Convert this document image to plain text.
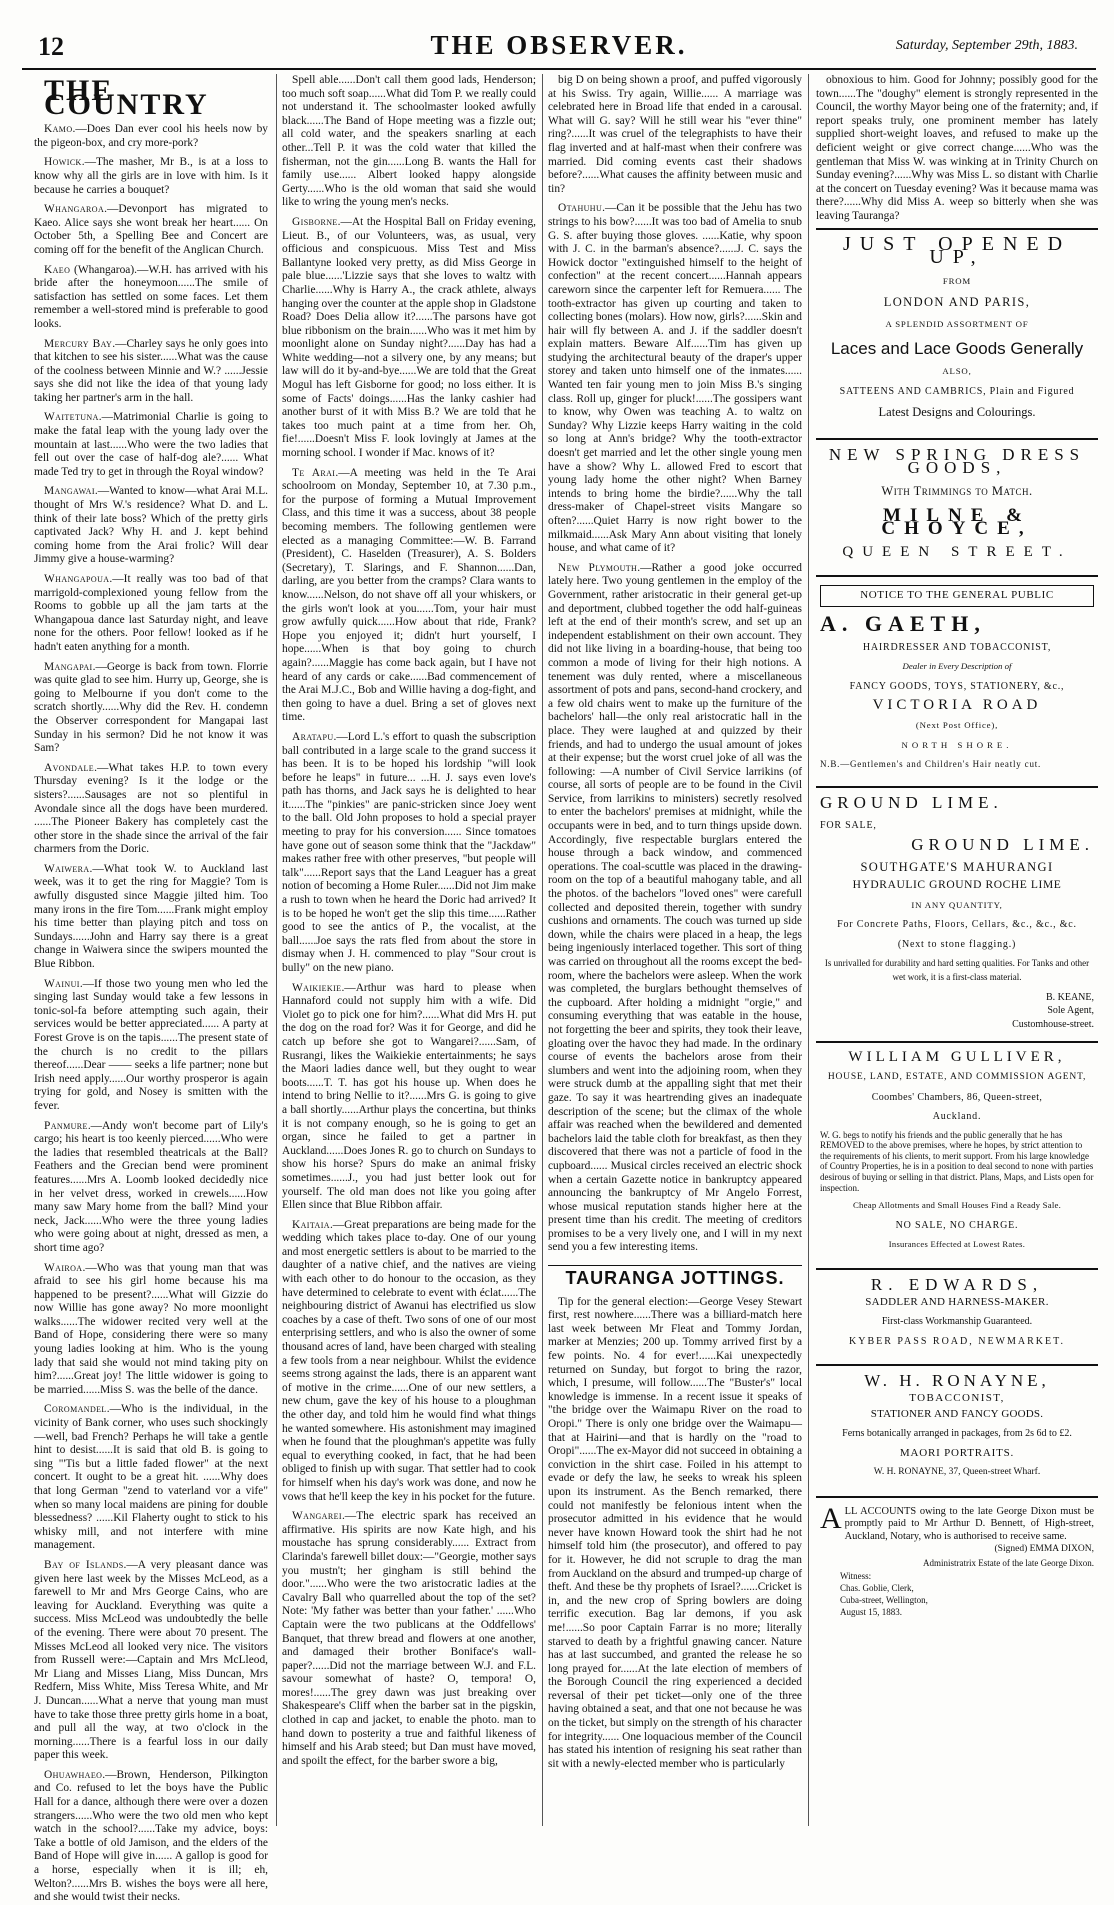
12	THE OBSERVER.	Saturday, September 29th, 1883.
THE COUNTRY
Kamo.—Does Dan ever cool his heels now by the pigeon-box, and cry more-pork?
Howick.—The masher, Mr B., is at a loss to know why all the girls are in love with him. Is it because he carries a bouquet?
Whangaroa.—Devonport has migrated to Kaeo. Alice says she wont break her heart...... On October 5th, a Spelling Bee and Concert are coming off for the benefit of the Anglican Church.
Kaeo (Whangaroa).—W.H. has arrived with his bride after the honeymoon......The smile of satisfaction has settled on some faces. Let them remember a well-stored mind is preferable to good looks.
Mercury Bay.—Charley says he only goes into that kitchen to see his sister......What was the cause of the coolness between Minnie and W.? ......Jessie says she did not like the idea of that young lady taking her partner's arm in the hall.
Waitetuna.—Matrimonial Charlie is going to make the fatal leap with the young lady over the mountain at last......Who were the two ladies that fell out over the case of half-dog ale?...... What made Ted try to get in through the Royal window?
Mangawai.—Wanted to know—what Arai M.L. thought of Mrs W.'s residence? What D. and L. think of their late boss? Which of the pretty girls captivated Jack? Why H. and J. kept behind coming home from the Arai frolic? Will dear Jimmy give a house-warming?
Whangapoua.—It really was too bad of that marrigold-complexioned young fellow from the Rooms to gobble up all the jam tarts at the Whangapoua dance last Saturday night, and leave none for the others. Poor fellow! looked as if he hadn't eaten anything for a month.
Mangapai.—George is back from town. Florrie was quite glad to see him. Hurry up, George, she is going to Melbourne if you don't come to the scratch shortly......Why did the Rev. H. condemn the Observer correspondent for Mangapai last Sunday in his sermon? Did he not know it was Sam?
Avondale.—What takes H.P. to town every Thursday evening? Is it the lodge or the sisters?......Sausages are not so plentiful in Avondale since all the dogs have been murdered. ......The Pioneer Bakery has completely cast the other store in the shade since the arrival of the fair charmers from the Doric.
Waiwera.—What took W. to Auckland last week, was it to get the ring for Maggie? Tom is awfully disgusted since Maggie jilted him. Too many irons in the fire Tom......Frank might employ his time better than playing pitch and toss on Sundays......John and Harry say there is a great change in Waiwera since the swipers mounted the Blue Ribbon.
Wainui.—If those two young men who led the singing last Sunday would take a few lessons in tonic-sol-fa before attempting such again, their services would be better appreciated...... A party at Forest Grove is on the tapis......The present state of the church is no credit to the pillars thereof......Dear —— seeks a life partner; none but Irish need apply......Our worthy prosperor is again trying for gold, and Nosey is smitten with the fever.
Panmure.—Andy won't become part of Lily's cargo; his heart is too keenly pierced......Who were the ladies that resembled theatricals at the Ball? Feathers and the Grecian bend were prominent features......Mrs A. Loomb looked decidedly nice in her velvet dress, worked in crewels......How many saw Mary home from the ball? Mind your neck, Jack......Who were the three young ladies who were going about at night, dressed as men, a short time ago?
Wairoa.—Who was that young man that was afraid to see his girl home because his ma happened to be present?......What will Gizzie do now Willie has gone away? No more moonlight walks......The widower recited very well at the Band of Hope, considering there were so many young ladies looking at him. Who is the young lady that said she would not mind taking pity on him?......Great joy! The little widower is going to be married......Miss S. was the belle of the dance.
Coromandel.—Who is the individual, in the vicinity of Bank corner, who uses such shockingly—well, bad French? Perhaps he will take a gentle hint to desist......It is said that old B. is going to sing "'Tis but a little faded flower" at the next concert. It ought to be a great hit. ......Why does that long German "zend to vaterland vor a vife" when so many local maidens are pining for double blessedness? ......Kil Flaherty ought to stick to his whisky mill, and not interfere with mine management.
Bay of Islands.—A very pleasant dance was given here last week by the Misses McLeod, as a farewell to Mr and Mrs George Cains, who are leaving for Auckland. Everything was quite a success. Miss McLeod was undoubtedly the belle of the evening. There were about 70 present. The Misses McLeod all looked very nice. The visitors from Russell were:—Captain and Mrs McLleod, Mr Liang and Misses Liang, Miss Duncan, Mrs Redfern, Miss White, Miss Teresa White, and Mr J. Duncan......What a nerve that young man must have to take those three pretty girls home in a boat, and pull all the way, at two o'clock in the morning......There is a fearful loss in our daily paper this week.
Ohuawhaeo.—Brown, Henderson, Pilkington and Co. refused to let the boys have the Public Hall for a dance, although there were over a dozen strangers......Who were the two old men who kept watch in the school?......Take my advice, boys: Take a bottle of old Jamison, and the elders of the Band of Hope will give in...... A gallop is good for a horse, especially when it is ill; eh, Welton?......Mrs B. wishes the boys were all here, and she would twist their necks.
Spell able......Don't call them good lads, Henderson; too much soft soap......What did Tom P. we really could not understand it. The schoolmaster looked awfully black......The Band of Hope meeting was a fizzle out; all cold water, and the speakers snarling at each other...Tell P. it was the cold water that killed the fisherman, not the gin......Long B. wants the Hall for family use...... Albert looked happy alongside Gerty......Who is the old woman that said she would like to wring the young men's necks.
Gisborne.—At the Hospital Ball on Friday evening, Lieut. B., of our Volunteers, was, as usual, very officious and conspicuous. Miss Test and Miss Ballantyne looked very pretty, as did Miss George in pale blue......'Lizzie says that she loves to waltz with Charlie......Why is Harry A., the crack athlete, always hanging over the counter at the apple shop in Gladstone Road? Does Delia allow it?......The parsons have got blue ribbonism on the brain......Who was it met him by moonlight alone on Sunday night?......Day has had a White wedding—not a silvery one, by any means; but law will do it by-and-bye......We are told that the Great Mogul has left Gisborne for good; no loss either. It is some of Facts' doings......Has the lanky cashier had another burst of it with Miss B.? We are told that he takes too much paint at a time from her. Oh, fie!......Doesn't Miss F. look lovingly at James at the morning school. I wonder if Mac. knows of it?
Te Arai.—A meeting was held in the Te Arai schoolroom on Monday, September 10, at 7.30 p.m., for the purpose of forming a Mutual Improvement Class, and this time it was a success, about 38 people becoming members. The following gentlemen were elected as a managing Committee:—W. B. Farrand (President), C. Haselden (Treasurer), A. S. Bolders (Secretary), T. Slarings, and F. Shannon......Dan, darling, are you better from the cramps? Clara wants to know......Nelson, do not shave off all your whiskers, or the girls won't look at you......Tom, your hair must grow awfully quick......How about that ride, Frank? Hope you enjoyed it; didn't hurt yourself, I hope......When is that boy going to church again?......Maggie has come back again, but I have not heard of any cards or cake......Bad commencement of the Arai M.J.C., Bob and Willie having a dog-fight, and then going to have a duel. Bring a set of gloves next time.
Aratapu.—Lord L.'s effort to quash the subscription ball contributed in a large scale to the grand success it has been. It is to be hoped his lordship "will look before he leaps" in future... ...H. J. says even love's path has thorns, and Jack says he is delighted to hear it......The "pinkies" are panic-stricken since Joey went to the ball. Old John proposes to hold a special prayer meeting to pray for his conversion...... Since tomatoes have gone out of season some think that the "Jackdaw" makes rather free with other preserves, "but people will talk"......Report says that the Land Leaguer has a great notion of becoming a Home Ruler......Did not Jim make a rush to town when he heard the Doric had arrived? It is to be hoped he won't get the slip this time......Rather good to see the antics of P., the vocalist, at the ball......Joe says the rats fled from about the store in dismay when J. H. commenced to play "Sour crout is bully" on the new piano.
Waikiekie.—Arthur was hard to please when Hannaford could not supply him with a wife. Did Violet go to pick one for him?......What did Mrs H. put the dog on the road for? Was it for George, and did he catch up before she got to Wangarei?......Sam, of Rusrangi, likes the Waikiekie entertainments; he says the Maori ladies dance well, but they ought to wear boots......T. T. has got his house up. When does he intend to bring Nellie to it?......Mrs G. is going to give a ball shortly......Arthur plays the concertina, but thinks it is not company enough, so he is going to get an organ, since he failed to get a partner in Auckland......Does Jones R. go to church on Sundays to show his horse? Spurs do make an animal frisky sometimes......J., you had just better look out for yourself. The old man does not like you going after Ellen since that Blue Ribbon affair.
Kaitaia.—Great preparations are being made for the wedding which takes place to-day. One of our young and most energetic settlers is about to be married to the daughter of a native chief, and the natives are vieing with each other to do honour to the occasion, as they have determined to celebrate to event with éclat......The neighbouring district of Awanui has electrified us slow coaches by a case of theft. Two sons of one of our most enterprising settlers, and who is also the owner of some thousand acres of land, have been charged with stealing a few tools from a near neighbour. Whilst the evidence seems strong against the lads, there is an apparent want of motive in the crime......One of our new settlers, a new chum, gave the key of his house to a ploughman the other day, and told him he would find what things he wanted somewhere. His astonishment may imagined when he found that the ploughman's appetite was fully equal to everything cooked, in fact, that he had been obliged to finish up with sugar. That settler had to cook for himself when his day's work was done, and now he vows that he'll keep the key in his pocket for the future.
Wangarei.—The electric spark has received an affirmative. His spirits are now Kate high, and his moustache has sprung considerably...... Extract from Clarinda's farewell billet doux:—"Georgie, mother says you mustn't; her gingham is still behind the door."......Who were the two aristocratic ladies at the Cavalry Ball who quarrelled about the top of the set? Note: 'My father was better than your father.' ......Who Captain were the two publicans at the Oddfellows' Banquet, that threw bread and flowers at one another, and damaged their brother Boniface's wall-paper?......Did not the marriage between W.J. and F.L. savour somewhat of haste? O, tempora! O, mores!......The grey dawn was just breaking over Shakespeare's Cliff when the barber sat in the pigskin, clothed in cap and jacket, to enable the photo. man to hand down to posterity a true and faithful likeness of himself and his Arab steed; but Dan must have moved, and spoilt the effect, for the barber swore a big,
big D on being shown a proof, and puffed vigorously at his Swiss. Try again, Willie...... A marriage was celebrated here in Broad life that ended in a carousal. What will G. say? Will he still wear his "ever thine" ring?......It was cruel of the telegraphists to have their flag inverted and at half-mast when their confrere was married. Did coming events cast their shadows before?......What causes the affinity between music and tin?
Otahuhu.—Can it be possible that the Jehu has two strings to his bow?......It was too bad of Amelia to snub G. S. after buying those gloves. ......Katie, why spoon with J. C. in the barman's absence?......J. C. says the Howick doctor "extinguished himself to the height of confection" at the recent concert......Hannah appears careworn since the carpenter left for Remuera...... The tooth-extractor has given up courting and taken to collecting bones (molars). How now, girls?......Skin and hair will fly between A. and J. if the saddler doesn't explain matters. Beware Alf......Tim has given up studying the architectural beauty of the draper's upper storey and taken unto himself one of the inmates...... Wanted ten fair young men to join Miss B.'s singing class. Roll up, ginger for pluck!......The gossipers want to know, why Owen was teaching A. to waltz on Sunday? Why Lizzie keeps Harry waiting in the cold so long at Ann's bridge? Why the tooth-extractor doesn't get married and let the other single young men have a show? Why L. allowed Fred to escort that young lady home the other night? When Barney intends to bring home the birdie?......Why the tall dress-maker of Chapel-street visits Mangare so often?......Quiet Harry is now right bower to the milkmaid......Ask Mary Ann about visiting that lonely house, and what came of it?
New Plymouth.—Rather a good joke occurred lately here. Two young gentlemen in the employ of the Government, rather aristocratic in their general get-up and deportment, clubbed together the odd half-guineas left at the end of their month's screw, and set up an independent establishment on their own account. They did not like living in a boarding-house, that being too common a mode of living for their high notions. A tenement was duly rented, where a miscellaneous assortment of pots and pans, second-hand crockery, and a few old chairs went to make up the furniture of the bachelors' hall—the only real aristocratic hall in the place. They were laughed at and quizzed by their friends, and had to undergo the usual amount of jokes at their expense; but the worst cruel joke of all was the following: —A number of Civil Service larrikins (of course, all sorts of people are to be found in the Civil Service, from larrikins to ministers) secretly resolved to enter the bachelors' premises at midnight, while the occupants were in bed, and to turn things upside down. Accordingly, five respectable burglars entered the house through a back window, and commenced operations. The coal-scuttle was placed in the drawing-room on the top of a beautiful mahogany table, and all the photos. of the bachelors "loved ones" were carefull collected and deposited therein, together with sundry cushions and ornaments. The couch was turned up side down, while the chairs were placed in a heap, the legs being ingeniously interlaced together. This sort of thing was carried on throughout all the rooms except the bed-room, where the bachelors were asleep. When the work was completed, the burglars bethought themselves of the cupboard. After holding a midnight "orgie," and consuming everything that was eatable in the house, not forgetting the beer and spirits, they took their leave, gloating over the havoc they had made. In the ordinary course of events the bachelors arose from their slumbers and went into the adjoining room, when they were struck dumb at the appalling sight that met their gaze. To say it was heartrending gives an inadequate description of the scene; but the climax of the whole affair was reached when the bewildered and demented bachelors laid the table cloth for breakfast, as then they discovered that there was not a particle of food in the cupboard...... Musical circles received an electric shock when a certain Gazette notice in bankruptcy appeared announcing the bankruptcy of Mr Angelo Forrest, whose musical reputation stands higher here at the present time than his credit. The meeting of creditors promises to be a very lively one, and I will in my next send you a few interesting items.
TAURANGA JOTTINGS.
Tip for the general election:—George Vesey Stewart first, rest nowhere......There was a billiard-match here last week between Mr Fleat and Tommy Jordan, marker at Menzies; 200 up. Tommy arrived first by a few points. No. 4 for ever!......Kai unexpectedly returned on Sunday, but forgot to bring the razor, which, I presume, will follow......The "Buster's" local knowledge is immense. In a recent issue it speaks of "the bridge over the Waimapu River on the road to Oropi." There is only one bridge over the Waimapu—that at Hairini—and that is hardly on the "road to Oropi"......The ex-Mayor did not succeed in obtaining a conviction in the shirt case. Foiled in his attempt to evade or defy the law, he seeks to wreak his spleen upon its instrument. As the Bench remarked, there could not manifestly be felonious intent when the prosecutor admitted in his evidence that he would never have known Howard took the shirt had he not himself told him (the prosecutor), and offered to pay for it. However, he did not scruple to drag the man from Auckland on the absurd and trumped-up charge of theft. And these be thy prophets of Israel?......Cricket is in, and the new crop of Spring bowlers are doing terrific execution. Bag lar demons, if you ask me!......So poor Captain Farrar is no more; literally starved to death by a frightful gnawing cancer. Nature has at last succumbed, and granted the release he so long prayed for......At the late election of members of the Borough Council the ring experienced a decided reversal of their pet ticket—only one of the three having obtained a seat, and that one not because he was on the ticket, but simply on the strength of his character for integrity...... One loquacious member of the Council has stated his intention of resigning his seat rather than sit with a newly-elected member who is particularly
obnoxious to him. Good for Johnny; possibly good for the town......The "doughy" element is strongly represented in the Council, the worthy Mayor being one of the fraternity; and, if report speaks truly, one prominent member has lately supplied short-weight loaves, and refused to make up the deficient weight or give correct change......Who was the gentleman that Miss W. was winking at in Trinity Church on Sunday evening?......Why was Miss L. so distant with Charlie at the concert on Tuesday evening? Was it because mama was there?......Why did Miss A. weep so bitterly when she was leaving Tauranga?
JUST OPENED UP,
FROM
LONDON AND PARIS,
A SPLENDID ASSORTMENT OF
Laces and Lace Goods Generally
ALSO,
SATTEENS AND CAMBRICS, Plain and Figured
Latest Designs and Colourings.
NEW SPRING DRESS GOODS,
With Trimmings to Match.
MILNE & CHOYCE,
QUEEN STREET.
NOTICE TO THE GENERAL PUBLIC
A. GAETH,
HAIRDRESSER AND TOBACCONIST,
Dealer in Every Description of
FANCY GOODS, TOYS, STATIONERY, &c.,
VICTORIA ROAD
(Next Post Office),
NORTH SHORE.
N.B.—Gentlemen's and Children's Hair neatly cut.
GROUND LIME.
FOR SALE,
GROUND LIME.
SOUTHGATE'S MAHURANGI
HYDRAULIC GROUND ROCHE LIME
IN ANY QUANTITY,
For Concrete Paths, Floors, Cellars, &c., &c., &c.
(Next to stone flagging.)
Is unrivalled for durability and hard setting qualities. For Tanks and other wet work, it is a first-class material.
B. KEANE,
Sole Agent,
Customhouse-street.
WILLIAM GULLIVER,
HOUSE, LAND, ESTATE, AND COMMISSION AGENT,
Coombes' Chambers, 86, Queen-street,
Auckland.
W. G. begs to notify his friends and the public generally that he has REMOVED to the above premises, where he hopes, by strict attention to the requirements of his clients, to merit support. From his large knowledge of Country Properties, he is in a position to deal second to none with parties desirous of buying or selling in that district. Plans, Maps, and Lists open for inspection.
Cheap Allotments and Small Houses Find a Ready Sale.
NO SALE, NO CHARGE.
Insurances Effected at Lowest Rates.
R. EDWARDS,
SADDLER AND HARNESS-MAKER.
First-class Workmanship Guaranteed.
KYBER PASS ROAD, NEWMARKET.
W. H. RONAYNE,
TOBACCONIST,
STATIONER AND FANCY GOODS.
Ferns botanically arranged in packages, from 2s 6d to £2.
MAORI PORTRAITS.
W. H. RONAYNE, 37, Queen-street Wharf.
ALL ACCOUNTS owing to the late George Dixon must be promptly paid to Mr Arthur D. Bennett, of High-street, Auckland, Notary, who is authorised to receive same.
(Signed) EMMA DIXON,
Administratrix Estate of the late George Dixon.
Witness:
Chas. Goblie, Clerk,
Cuba-street, Wellington,
August 15, 1883.
